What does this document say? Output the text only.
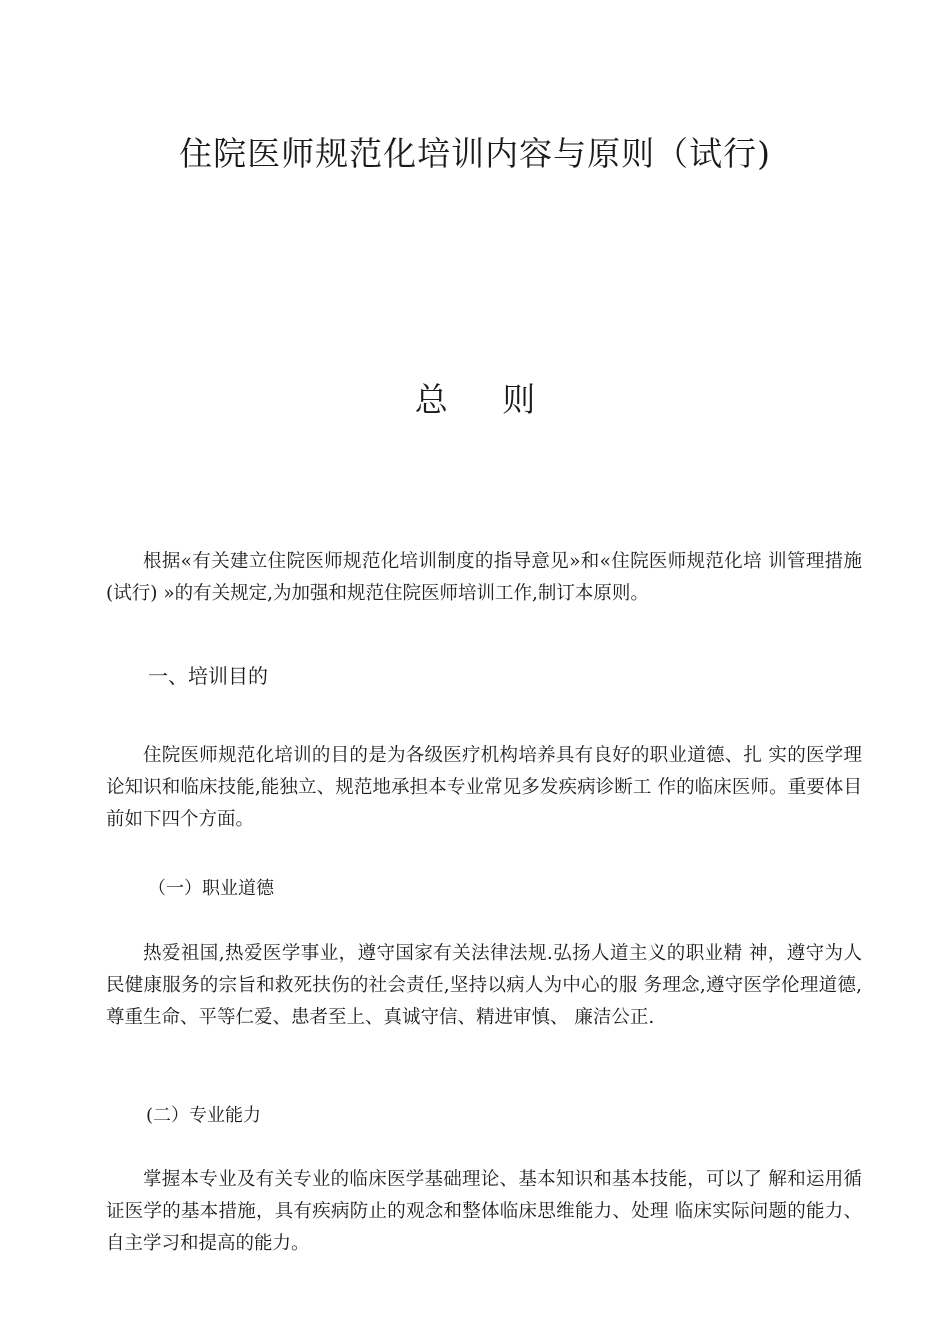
住院医师规范化培训内容与原则（试行)
总 则
根据«有关建立住院医师规范化培训制度的指导意见»和«住院医师规范化培 训管理措施(试行) »的有关规定,为加强和规范住院医师培训工作,制订本原则。
一、培训目的
住院医师规范化培训的目的是为各级医疗机构培养具有良好的职业道德、扎 实的医学理论知识和临床技能,能独立、规范地承担本专业常见多发疾病诊断工 作的临床医师。重要体目前如下四个方面。
（一）职业道德
热爱祖国,热爱医学事业，遵守国家有关法律法规.弘扬人道主义的职业精 神，遵守为人民健康服务的宗旨和救死扶伤的社会责任,坚持以病人为中心的服 务理念,遵守医学伦理道德,尊重生命、平等仁爱、患者至上、真诚守信、精进审慎、 廉洁公正.
(二）专业能力
掌握本专业及有关专业的临床医学基础理论、基本知识和基本技能，可以了 解和运用循证医学的基本措施，具有疾病防止的观念和整体临床思维能力、处理 临床实际问题的能力、自主学习和提高的能力。
